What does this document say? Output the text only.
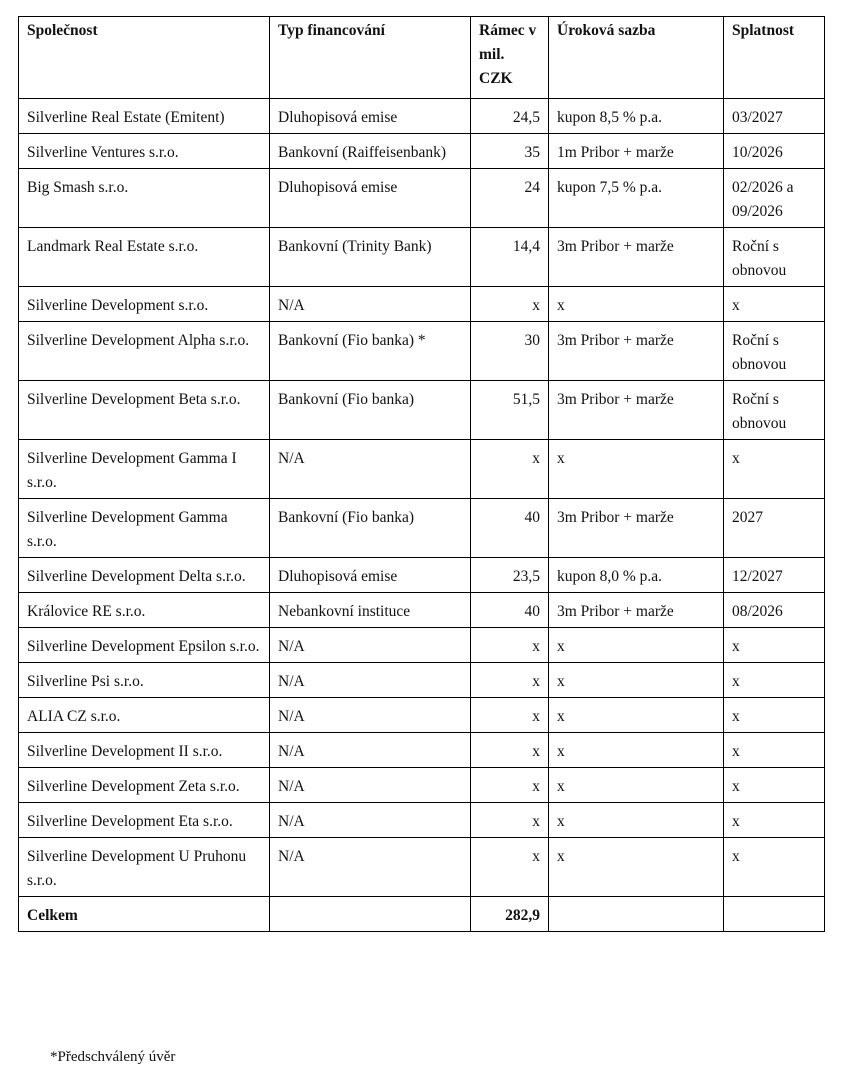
Společnost	Typ financování	Rámec v mil. CZK	Úroková sazba	Splatnost

Silverline Real Estate (Emitent)	Dluhopisová emise	24,5	kupon 8,5 % p.a.	03/2027

Silverline Ventures s.r.o.	Bankovní (Raiffeisenbank)	35	1m Pribor + marže	10/2026

Big Smash s.r.o.	Dluhopisová emise	24	kupon 7,5 % p.a.	02/2026 a 09/2026

Landmark Real Estate s.r.o.	Bankovní (Trinity Bank)	14,4	3m Pribor + marže	Roční s obnovou

Silverline Development s.r.o.	N/A	x	x	x

Silverline Development Alpha s.r.o.	Bankovní (Fio banka) *	30	3m Pribor + marže	Roční s obnovou

Silverline Development Beta s.r.o.	Bankovní (Fio banka)	51,5	3m Pribor + marže	Roční s obnovou

Silverline Development Gamma I s.r.o.	N/A	x	x	x

Silverline Development Gamma s.r.o.	Bankovní (Fio banka)	40	3m Pribor + marže	2027

Silverline Development Delta s.r.o.	Dluhopisová emise	23,5	kupon 8,0 % p.a.	12/2027

Královice RE s.r.o.	Nebankovní instituce	40	3m Pribor + marže	08/2026

Silverline Development Epsilon s.r.o.	N/A	x	x	x

Silverline Psi s.r.o.	N/A	x	x	x

ALIA CZ s.r.o.	N/A	x	x	x

Silverline Development II s.r.o.	N/A	x	x	x

Silverline Development Zeta s.r.o.	N/A	x	x	x

Silverline Development Eta s.r.o.	N/A	x	x	x

Silverline Development U Pruhonu s.r.o.	N/A	x	x	x

Celkem		282,9		

*Předschválený úvěr
